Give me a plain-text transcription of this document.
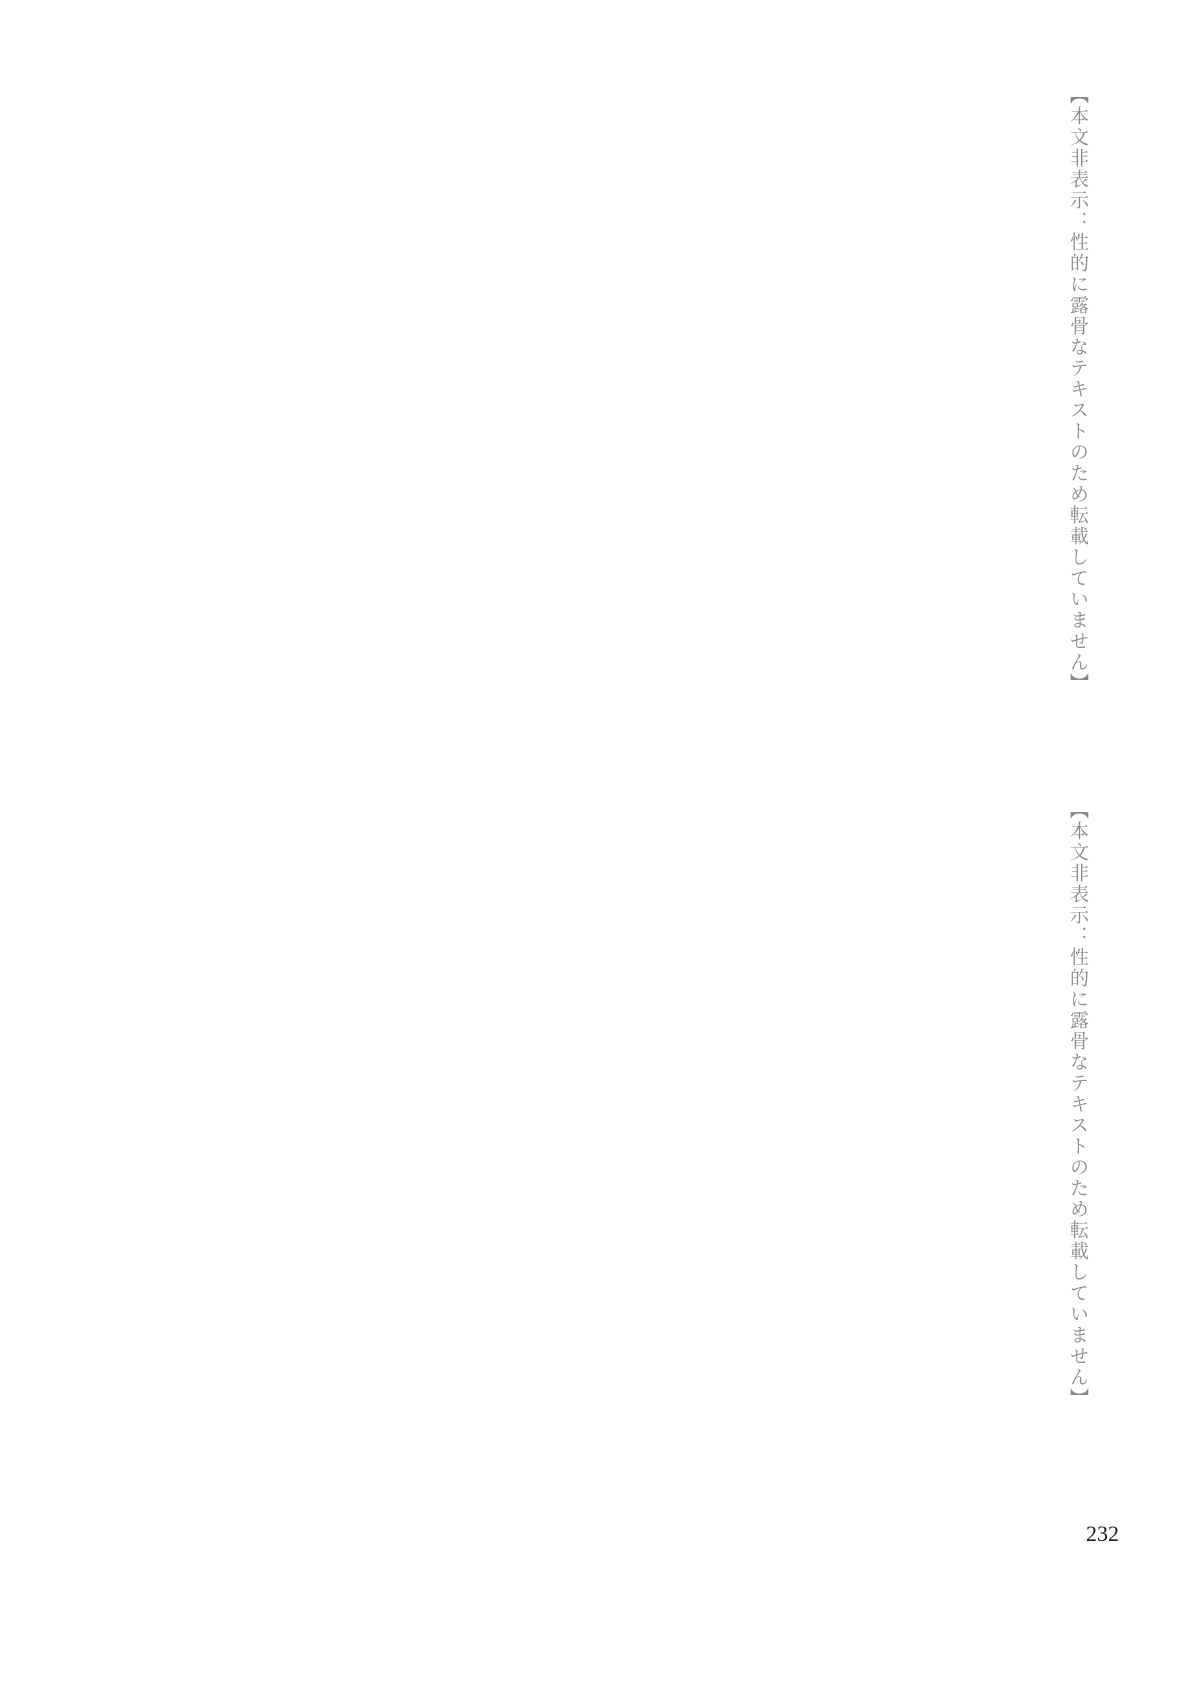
【本文非表示：性的に露骨なテキストのため転載していません】
【本文非表示：性的に露骨なテキストのため転載していません】
232
